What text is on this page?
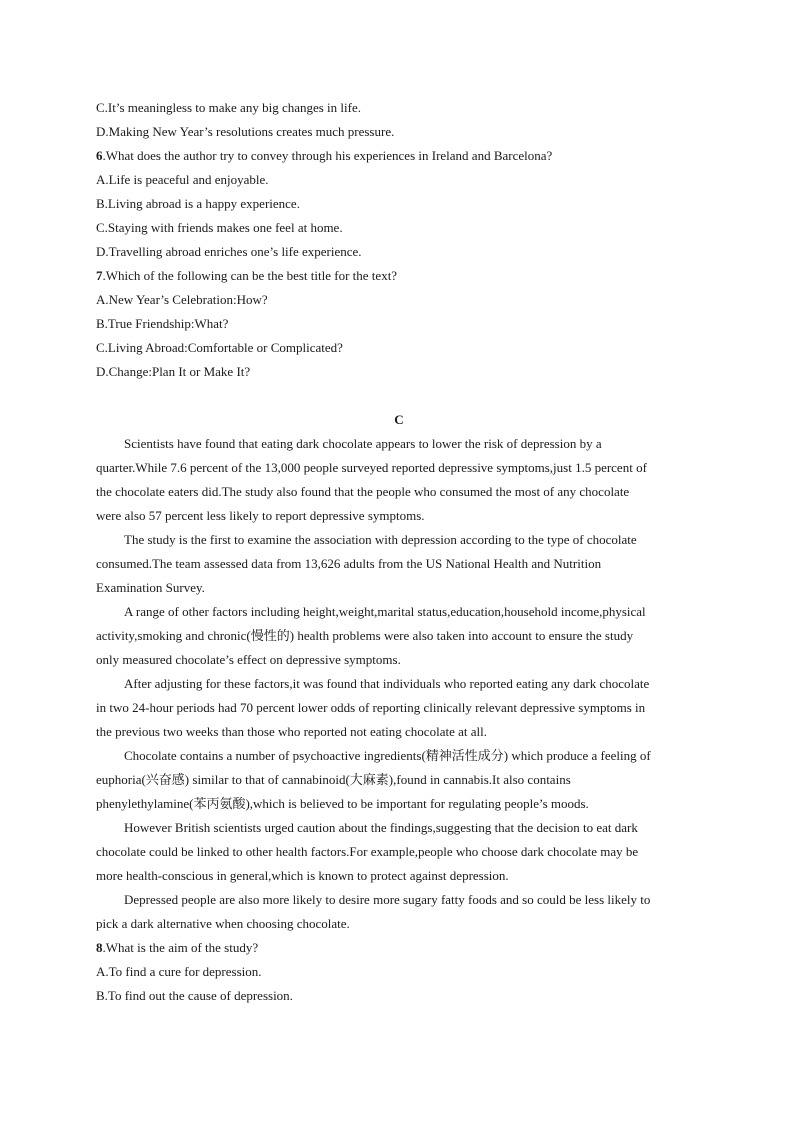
C.It’s meaningless to make any big changes in life.
D.Making New Year’s resolutions creates much pressure.
6.What does the author try to convey through his experiences in Ireland and Barcelona?
A.Life is peaceful and enjoyable.
B.Living abroad is a happy experience.
C.Staying with friends makes one feel at home.
D.Travelling abroad enriches one’s life experience.
7.Which of the following can be the best title for the text?
A.New Year’s Celebration:How?
B.True Friendship:What?
C.Living Abroad:Comfortable or Complicated?
D.Change:Plan It or Make It?
C
Scientists have found that eating dark chocolate appears to lower the risk of depression by a
quarter.While 7.6 percent of the 13,000 people surveyed reported depressive symptoms,just 1.5 percent of
the chocolate eaters did.The study also found that the people who consumed the most of any chocolate
were also 57 percent less likely to report depressive symptoms.
The study is the first to examine the association with depression according to the type of chocolate
consumed.The team assessed data from 13,626 adults from the US National Health and Nutrition
Examination Survey.
A range of other factors including height,weight,marital status,education,household income,physical
activity,smoking and chronic(慢性的) health problems were also taken into account to ensure the study
only measured chocolate’s effect on depressive symptoms.
After adjusting for these factors,it was found that individuals who reported eating any dark chocolate
in two 24-hour periods had 70 percent lower odds of reporting clinically relevant depressive symptoms in
the previous two weeks than those who reported not eating chocolate at all.
Chocolate contains a number of psychoactive ingredients(精神活性成分) which produce a feeling of
euphoria(兴奋感) similar to that of cannabinoid(大麻素),found in cannabis.It also contains
phenylethylamine(苯丙氨酸),which is believed to be important for regulating people’s moods.
However British scientists urged caution about the findings,suggesting that the decision to eat dark
chocolate could be linked to other health factors.For example,people who choose dark chocolate may be
more health-conscious in general,which is known to protect against depression.
Depressed people are also more likely to desire more sugary fatty foods and so could be less likely to
pick a dark alternative when choosing chocolate.
8.What is the aim of the study?
A.To find a cure for depression.
B.To find out the cause of depression.
